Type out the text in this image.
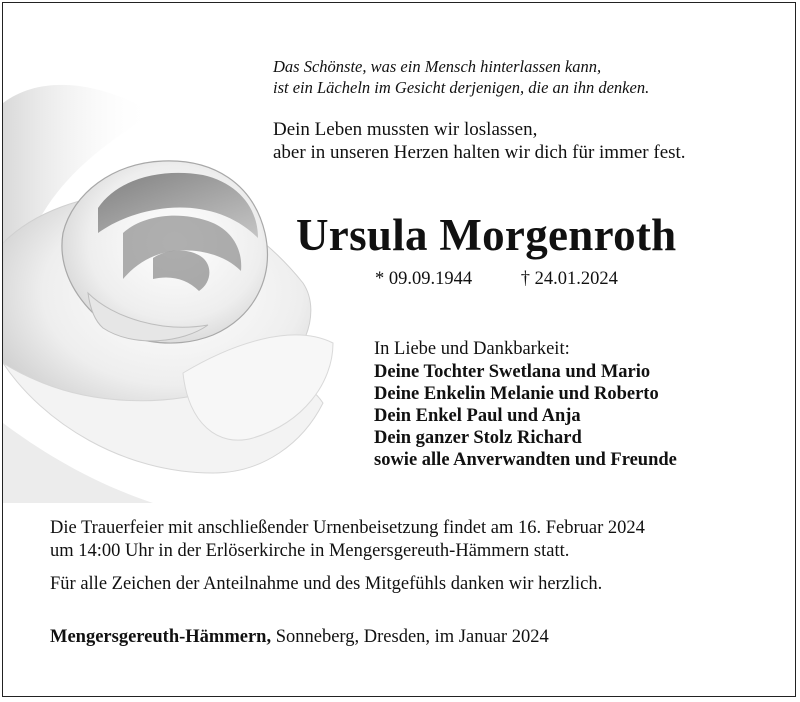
Das Schönste, was ein Mensch hinterlassen kann,
ist ein Lächeln im Gesicht derjenigen, die an ihn denken.
Dein Leben mussten wir loslassen,
aber in unseren Herzen halten wir dich für immer fest.
Ursula Morgenroth
* 09.09.1944	† 24.01.2024
In Liebe und Dankbarkeit:
Deine Tochter Swetlana und Mario
Deine Enkelin Melanie und Roberto
Dein Enkel Paul und Anja
Dein ganzer Stolz Richard
sowie alle Anverwandten und Freunde
Die Trauerfeier mit anschließender Urnenbeisetzung findet am 16. Februar 2024
um 14:00 Uhr in der Erlöserkirche in Mengersgereuth-Hämmern statt.
Für alle Zeichen der Anteilnahme und des Mitgefühls danken wir herzlich.
Mengersgereuth-Hämmern, Sonneberg, Dresden, im Januar 2024
